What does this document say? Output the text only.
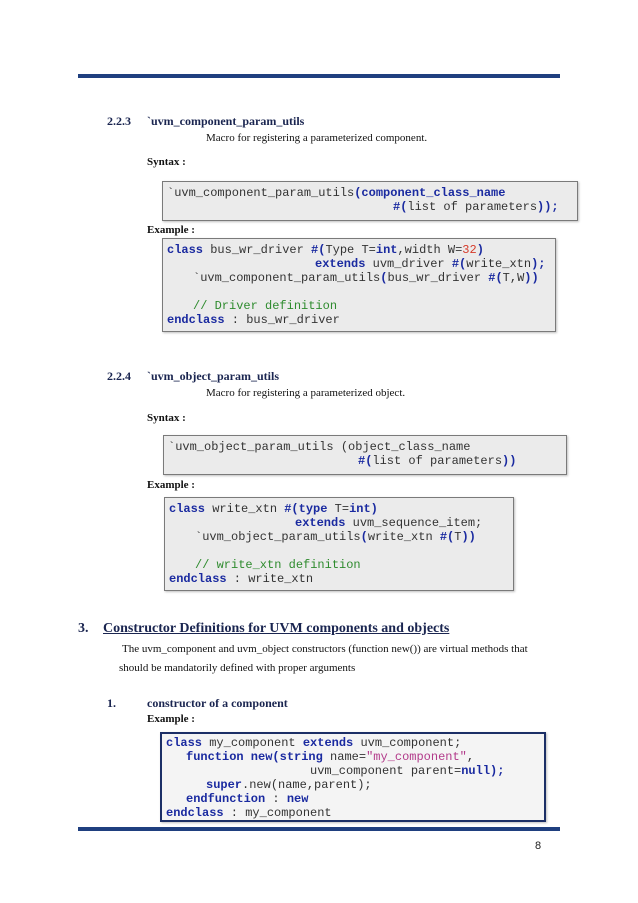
2.2.3 `uvm_component_param_utils
Macro for registering a parameterized component.
Syntax :
`uvm_component_param_utils(component_class_name
#(list of parameters));
Example :
class bus_wr_driver #(Type T=int,width W=32)
extends uvm_driver #(write_xtn);
`uvm_component_param_utils(bus_wr_driver #(T,W))
// Driver definition
endclass : bus_wr_driver
2.2.4 `uvm_object_param_utils
Macro for registering a parameterized object.
Syntax :
`uvm_object_param_utils (object_class_name
#(list of parameters))
Example :
class write_xtn #(type T=int)
extends uvm_sequence_item;
`uvm_object_param_utils(write_xtn #(T))
// write_xtn definition
endclass : write_xtn
3. Constructor Definitions for UVM components and objects
The uvm_component and uvm_object constructors (function new()) are virtual methods that
should be mandatorily defined with proper arguments
1.	constructor of a component
Example :
class my_component extends uvm_component;
function new(string name="my_component",
uvm_component parent=null);
super.new(name,parent);
endfunction : new
endclass : my_component
8
